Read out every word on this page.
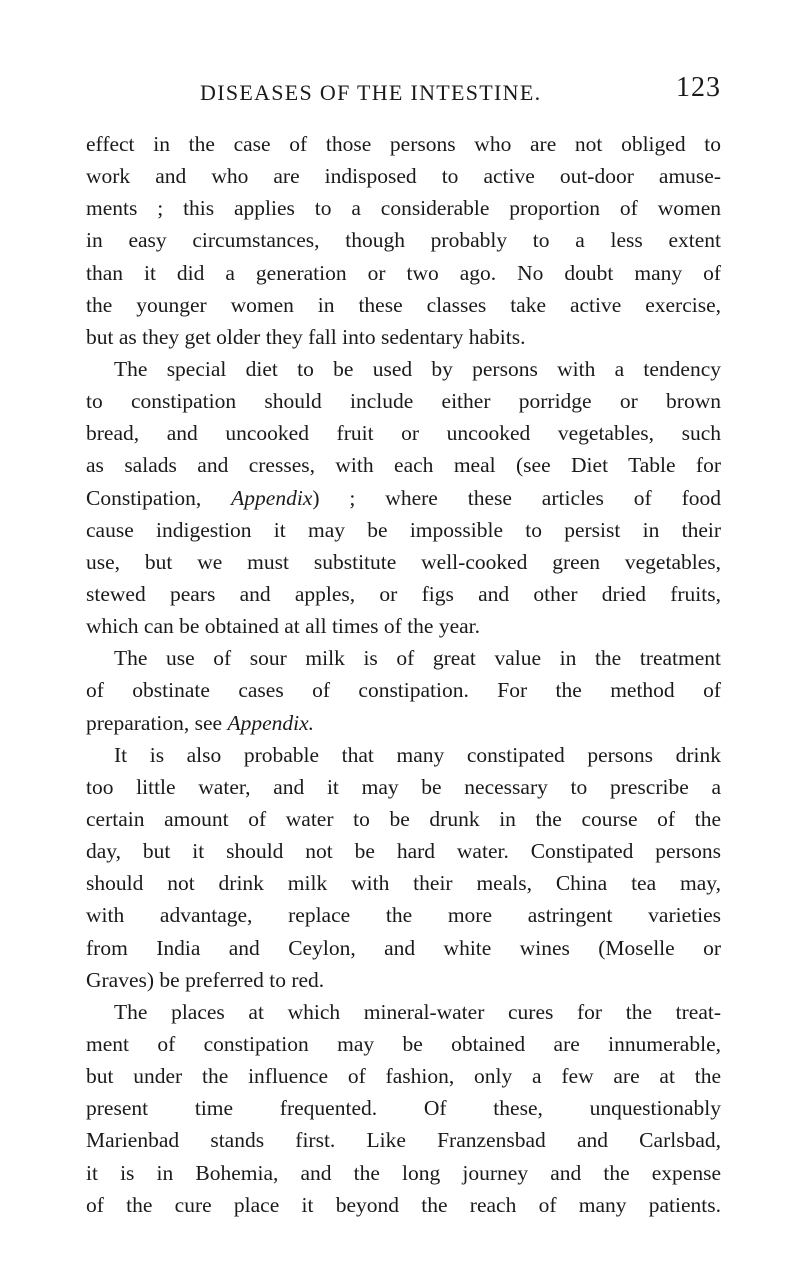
DISEASES OF THE INTESTINE.	123
effect in the case of those persons who are not obliged to
work and who are indisposed to active out-door amuse-
ments ; this applies to a considerable proportion of women
in easy circumstances, though probably to a less extent
than it did a generation or two ago. No doubt many of
the younger women in these classes take active exercise,
but as they get older they fall into sedentary habits.
The special diet to be used by persons with a tendency
to constipation should include either porridge or brown
bread, and uncooked fruit or uncooked vegetables, such
as salads and cresses, with each meal (see Diet Table for
Constipation, Appendix) ; where these articles of food
cause indigestion it may be impossible to persist in their
use, but we must substitute well-cooked green vegetables,
stewed pears and apples, or figs and other dried fruits,
which can be obtained at all times of the year.
The use of sour milk is of great value in the treatment
of obstinate cases of constipation. For the method of
preparation, see Appendix.
It is also probable that many constipated persons drink
too little water, and it may be necessary to prescribe a
certain amount of water to be drunk in the course of the
day, but it should not be hard water. Constipated persons
should not drink milk with their meals, China tea may,
with advantage, replace the more astringent varieties
from India and Ceylon, and white wines (Moselle or
Graves) be preferred to red.
The places at which mineral-water cures for the treat-
ment of constipation may be obtained are innumerable,
but under the influence of fashion, only a few are at the
present time frequented. Of these, unquestionably
Marienbad stands first. Like Franzensbad and Carlsbad,
it is in Bohemia, and the long journey and the expense
of the cure place it beyond the reach of many patients.
